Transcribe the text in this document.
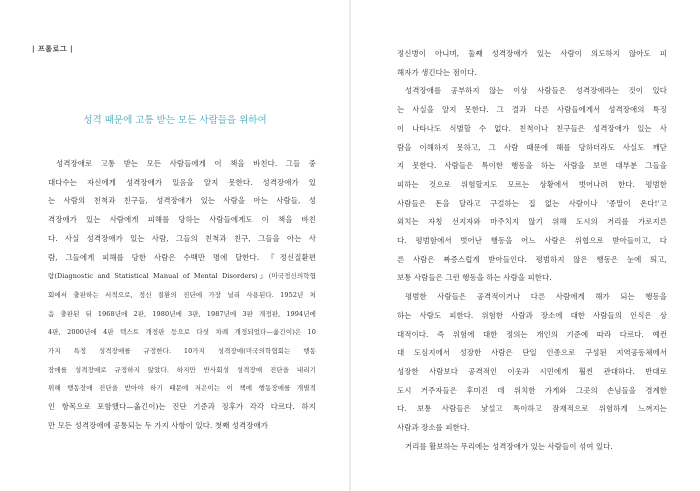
| 프롤로그 |
성격 때문에 고통 받는 모든 사람들을 위하여
성격장애로 고통 받는 모든 사람들에게 이 책을 바친다. 그들 중
대다수는 자신에게 성격장애가 있음을 알지 못한다. 성격장애가 있
는 사람의 친척과 친구들, 성격장애가 있는 사람을 아는 사람들, 성
격장애가 있는 사람에게 피해를 당하는 사람들에게도 이 책을 바친
다. 사실 성격장애가 있는 사람, 그들의 친척과 친구, 그들을 아는 사
람, 그들에게 피해를 당한 사람은 수백만 명에 달한다. 『정신질환편
람(Diagnostic and Statistical Manual of Mental Disorders)』(미국정신의학협
회에서 출판하는 서적으로, 정신 질환의 진단에 가장 널리 사용된다. 1952년 처
음 출판된 뒤 1968년에 2판, 1980년에 3판, 1987년에 3판 개정판, 1994년에
4판, 2000년에 4판 텍스트 개정판 등으로 다섯 차례 개정되었다—옮긴이)은 10
가지 특정 성격장애를 규정한다. 10가지 성격장애(미국의학협회는 행동
장애를 성격장애로 규정하지 않았다. 하지만 반사회성 성격장애 진단을 내리기
위해 행동장애 진단을 받아야 하기 때문에 저은이는 이 책에 행동장애를 개별적
인 항목으로 포함했다—옮긴이)는 진단 기준과 징후가 각각 다르다. 하지
만 모든 성격장애에 공통되는 두 가지 사항이 있다. 첫째 성격장애가
정신병이 아니며, 둘째 성격장애가 있는 사람이 의도하지 않아도 피
해자가 생긴다는 점이다.
성격장애를 공부하지 않는 이상 사람들은 성격장애라는 것이 있다
는 사실을 알지 못한다. 그 결과 다른 사람들에게서 성격장애의 특징
이 나타나도 식별할 수 없다. 친척이나 친구들은 성격장애가 있는 사
람을 이해하지 못하고, 그 사람 때문에 해를 당하더라도 사실도 깨닫
지 못한다. 사람들은 특이한 행동을 하는 사람을 보면 대부분 그들을
피하는 것으로 위험할지도 모르는 상황에서 벗어나려 한다. 평범한
사람들은 돈을 달라고 구걸하는 집 없는 사람이나 '종말이 온다!'고
외치는 자칭 선지자와 마주치지 않기 위해 도시의 거리를 가로지른
다. 평범함에서 벗어난 행동을 어느 사람은 위협으로 받아들이고, 다
른 사람은 짜증스럽게 받아들인다. 평범하지 않은 행동은 눈에 띄고,
보통 사람들은 그런 행동을 하는 사람을 피한다.
평범한 사람들은 공격적이거나 다른 사람에게 해가 되는 행동을
하는 사람도 피한다. 위험한 사람과 장소에 대한 사람들의 인식은 상
대적이다. 즉 위험에 대한 정의는 개인의 기준에 따라 다르다. 예컨
대 도심지에서 성장한 사람은 단일 인종으로 구성된 지역공동체에서
성장한 사람보다 공격적인 이웃과 시민에게 훨씬 관대하다. 반대로
도시 거주자들은 후미진 데 위치한 가게와 그곳의 손님들을 경계한
다. 보통 사람들은 낯설고 특이하고 잠재적으로 위험하게 느껴지는
사람과 장소를 피한다.
거리를 활보하는 무리에는 성격장애가 있는 사람들이 섞여 있다.
